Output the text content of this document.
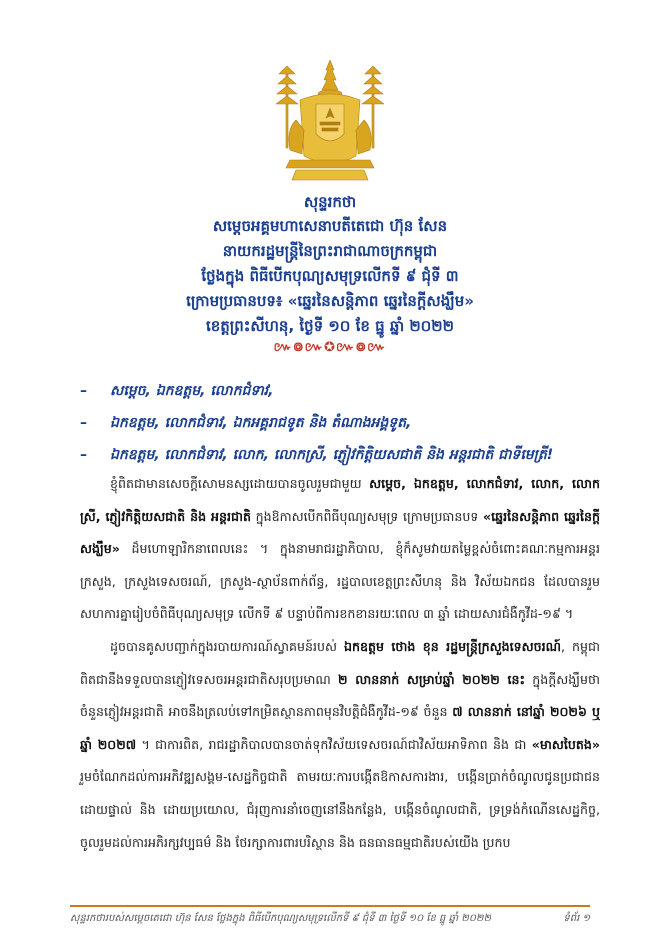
សុន្ទរកថា
សម្តេចអគ្គមហាសេនាបតីតេជោ ហ៊ុន សែន
នាយករដ្ឋមន្ត្រីនៃព្រះរាជាណាចក្រកម្ពុជា
ថ្លែងក្នុង ពិធីបើកបុណ្យសមុទ្រលើកទី ៩ ជុំទី ៣
ក្រោមប្រធានបទ៖ «ឆ្នេរនៃសន្តិភាព ឆ្នេរនៃក្តីសង្ឃឹម»
ខេត្តព្រះសីហនុ, ថ្ងៃទី ១០ ខែ ធ្នូ ឆ្នាំ ២០២២
៚៙៚✪៚៙៚
–	សម្តេច, ឯកឧត្តម, លោកជំទាវ,
–	ឯកឧត្តម, លោកជំទាវ, ឯកអគ្គរាជទូត និង តំណាងអង្គទូត,
–	ឯកឧត្តម, លោកជំទាវ, លោក, លោកស្រី, ភ្ញៀវកិត្តិយសជាតិ និង អន្តរជាតិ ជាទីមេត្រី!

ខ្ញុំពិតជាមានសេចក្តីសោមនស្សដោយបានចូលរួមជាមួយ សម្តេច, ឯកឧត្តម, លោកជំទាវ, លោក, លោកស្រី, ភ្ញៀវកិត្តិយសជាតិ និង អន្តរជាតិ ក្នុងឱកាសបើកពិធីបុណ្យសមុទ្រ ក្រោមប្រធានបទ «ឆ្នេរនៃសន្តិភាព ឆ្នេរនៃក្តីសង្ឃឹម» ដ៏មហោឡារិកនាពេលនេះ ។ ក្នុងនាមរាជរដ្ឋាភិបាល, ខ្ញុំក៏សូមវាយតម្លៃខ្ពស់ចំពោះគណៈកម្មការអន្តរក្រសួង, ក្រសួងទេសចរណ៍, ក្រសួង-ស្ថាប័នពាក់ព័ន្ធ, រដ្ឋបាលខេត្តព្រះសីហនុ និង វិស័យឯកជន ដែលបានរួមសហការគ្នារៀបចំពិធីបុណ្យសមុទ្រ លើកទី ៩ បន្ទាប់ពីការខកខានរយៈពេល ៣ ឆ្នាំ ដោយសារជំងឺកូវីដ-១៩ ។

ដូចបានគូសបញ្ជាក់ក្នុងរបាយការណ៍ស្វាគមន៍របស់ ឯកឧត្តម ថោង ខុន រដ្ឋមន្ត្រីក្រសួងទេសចរណ៍, កម្ពុជាពិតជានឹងទទួលបានភ្ញៀវទេសចរអន្តរជាតិសរុបប្រមាណ ២ លាននាក់ សម្រាប់ឆ្នាំ ២០២២ នេះ ក្នុងក្តីសង្ឃឹមថា ចំនួនភ្ញៀវអន្តរជាតិ អាចនឹងត្រលប់ទៅកម្រិតស្ថានភាពមុនវិបត្តិជំងឺកូវីដ-១៩ ចំនួន ៧ លាននាក់ នៅឆ្នាំ ២០២៦ ឬឆ្នាំ ២០២៧ ។ ជាការពិត, រាជរដ្ឋាភិបាលបានចាត់ទុកវិស័យទេសចរណ៍ជាវិស័យអាទិភាព និង ជា «មាសបៃតង» រួមចំណែកដល់ការអភិវឌ្ឍសង្គម-សេដ្ឋកិច្ចជាតិ តាមរយៈការបង្កើតឱកាសការងារ, បង្កើនប្រាក់ចំណូលជូនប្រជាជនដោយផ្ទាល់ និង ដោយប្រយោល, ជំរុញការនាំចេញនៅនឹងកន្លែង, បង្កើនចំណូលជាតិ, ទ្រទ្រង់កំណើនសេដ្ឋកិច្ច, ចូលរួមដល់ការអភិរក្សវប្បធម៌ និង ថែរក្សាការពារបរិស្ថាន និង ធនធានធម្មជាតិរបស់យើង ប្រកប

សុន្ទរកថារបស់សម្តេចតេជោ ហ៊ុន សែន ថ្លែងក្នុង ពិធីបើកបុណ្យសមុទ្រលើកទី ៩ ជុំទី ៣ ថ្ងៃទី ១០ ខែ ធ្នូ ឆ្នាំ ២០២២	ទំព័រ ១
